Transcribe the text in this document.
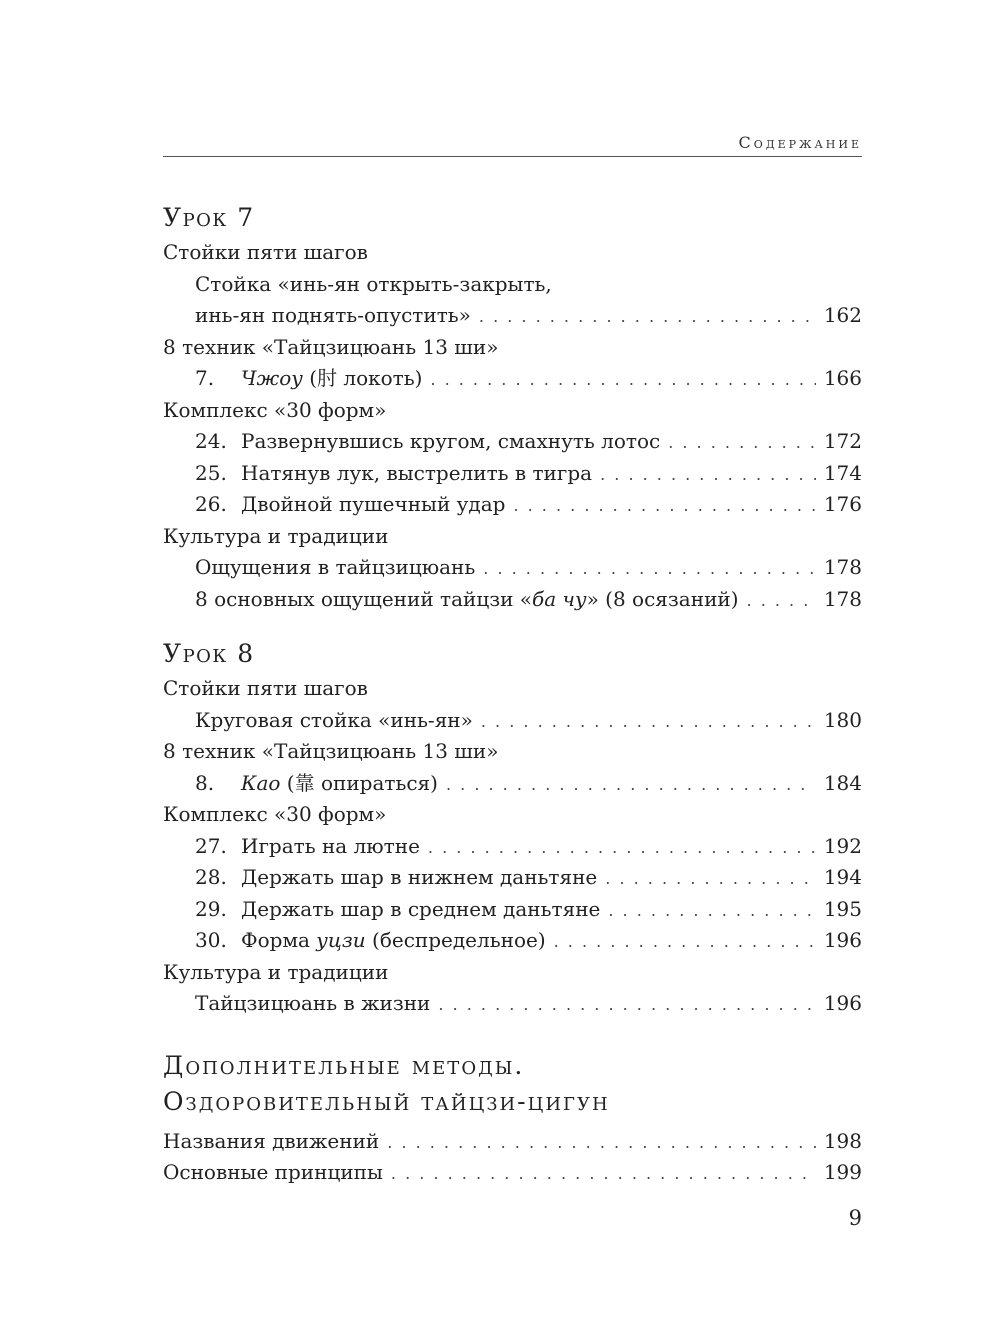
Содержание
Урок 7
Стойки пяти шагов
Стойка «инь-ян открыть-закрыть,
инь-ян поднять-опустить» . . .	162
8 техник «Тайцзицюань 13 ши»
7.	Чжоу (肘 локоть) . . .	166
Комплекс «30 форм»
24. Развернувшись кругом, смахнуть лотос . . .	172
25. Натянув лук, выстрелить в тигра . . .	174
26. Двойной пушечный удар . . .	176
Культура и традиции
Ощущения в тайцзицюань . . .	178
8 основных ощущений тайцзи «ба чу» (8 осязаний) . . .	178
Урок 8
Стойки пяти шагов
Круговая стойка «инь-ян» . . .	180
8 техник «Тайцзицюань 13 ши»
8.	Као (靠 опираться) . . .	184
Комплекс «30 форм»
27. Играть на лютне . . .	192
28. Держать шар в нижнем даньтяне . . .	194
29. Держать шар в среднем даньтяне . . .	195
30. Форма уцзи (беспредельное) . . .	196
Культура и традиции
Тайцзицюань в жизни . . .	196
Дополнительные методы.
Оздоровительный тайцзи-цигун
Названия движений . . .	198
Основные принципы . . .	199
9
